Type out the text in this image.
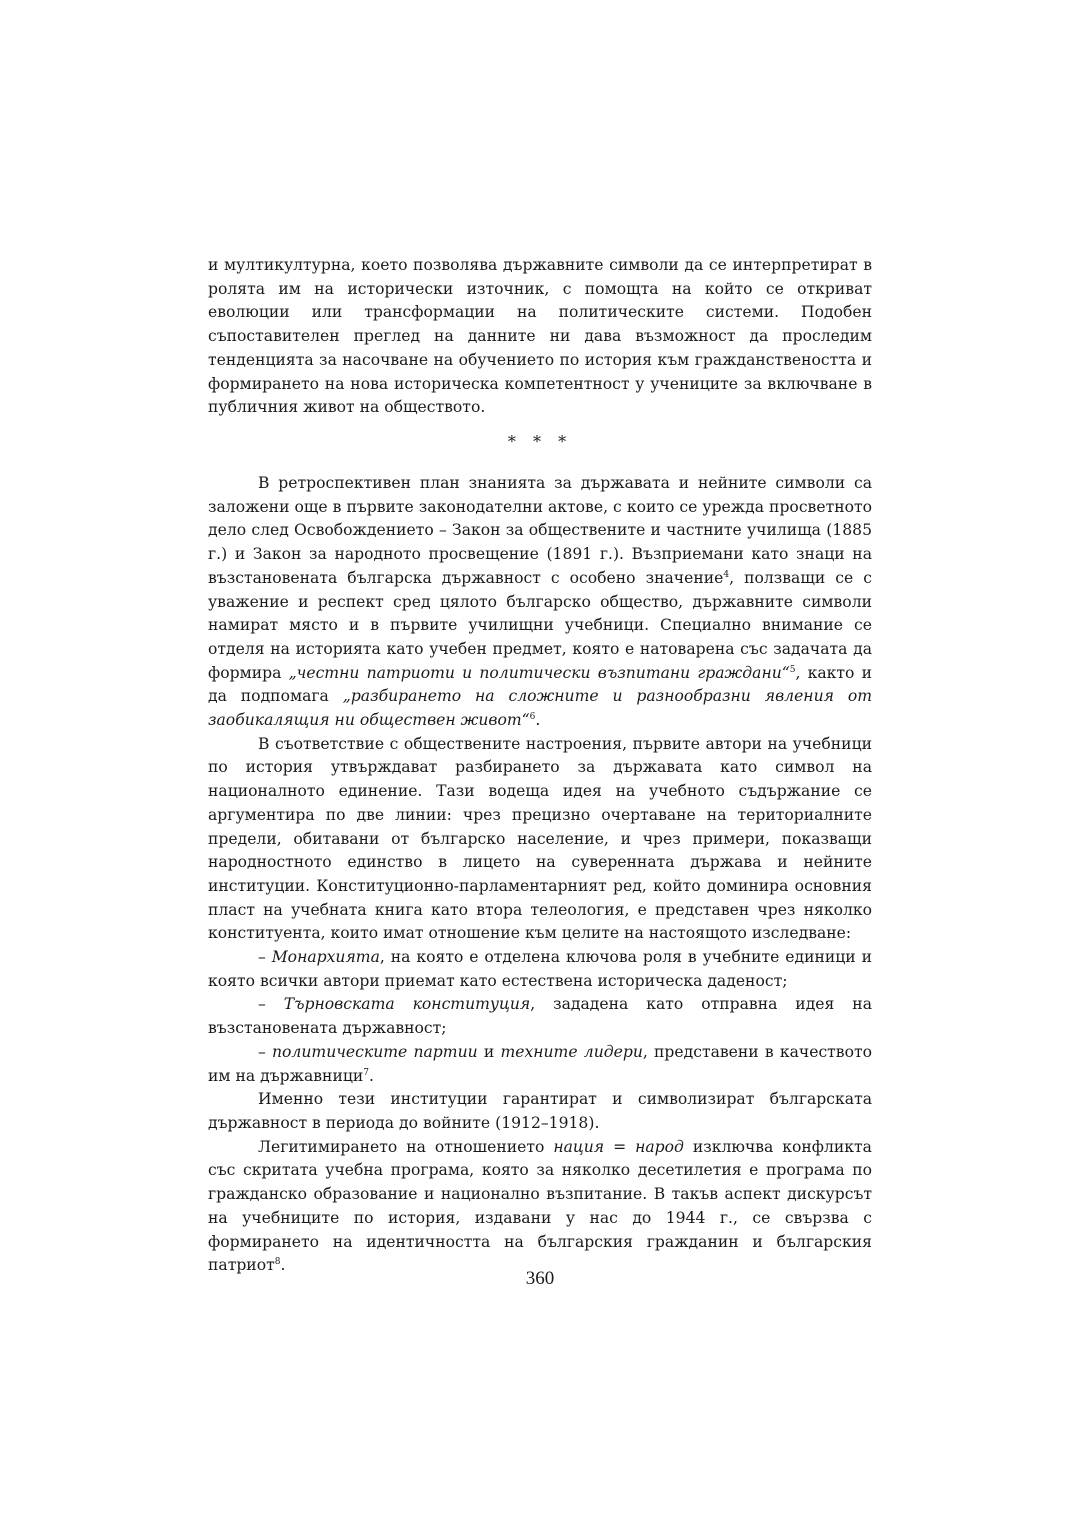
и мултикултурна, което позволява държавните символи да се интерпретират в ролята им на исторически източник, с помощта на който се откриват еволюции или трансформации на политическите системи. Подобен съпоставителен преглед на данните ни дава възможност да проследим тенденцията за насочване на обучението по история към гражданствеността и формирането на нова историческа компетентност у учениците за включване в публичния живот на обществото.

* * *

В ретроспективен план знанията за държавата и нейните символи са заложени още в първите законодателни актове, с които се урежда просветното дело след Освобождението – Закон за обществените и частните училища (1885 г.) и Закон за народното просвещение (1891 г.). Възприемани като знаци на възстановената българска държавност с особено значение$^4$, ползващи се с уважение и респект сред цялото българско общество, държавните символи намират място и в първите училищни учебници. Специално внимание се отделя на историята като учебен предмет, която е натоварена със задачата да формира „честни патриоти и политически възпитани граждани“$^5$, както и да подпомага „разбирането на сложните и разнообразни явления от заобикалящия ни обществен живот“$^6$.

В съответствие с обществените настроения, първите автори на учебници по история утвърждават разбирането за държавата като символ на националното единение. Тази водеща идея на учебното съдържание се аргументира по две линии: чрез прецизно очертаване на териториалните предели, обитавани от българско население, и чрез примери, показващи народностното единство в лицето на суверенната държава и нейните институции. Конституционно-парламентарният ред, който доминира основния пласт на учебната книга като втора телеология, е представен чрез няколко конституента, които имат отношение към целите на настоящото изследване:

– Монархията, на която е отделена ключова роля в учебните единици и която всички автори приемат като естествена историческа даденост;

– Търновската конституция, зададена като отправна идея на възстановената държавност;

– политическите партии и техните лидери, представени в качеството им на държавници$^7$.

Именно тези институции гарантират и символизират българската държавност в периода до войните (1912–1918).

Легитимирането на отношението нация = народ изключва конфликта със скритата учебна програма, която за няколко десетилетия е програма по гражданско образование и национално възпитание. В такъв аспект дискурсът на учебниците по история, издавани у нас до 1944 г., се свързва с формирането на идентичността на българския гражданин и българския патриот$^8$.

360
